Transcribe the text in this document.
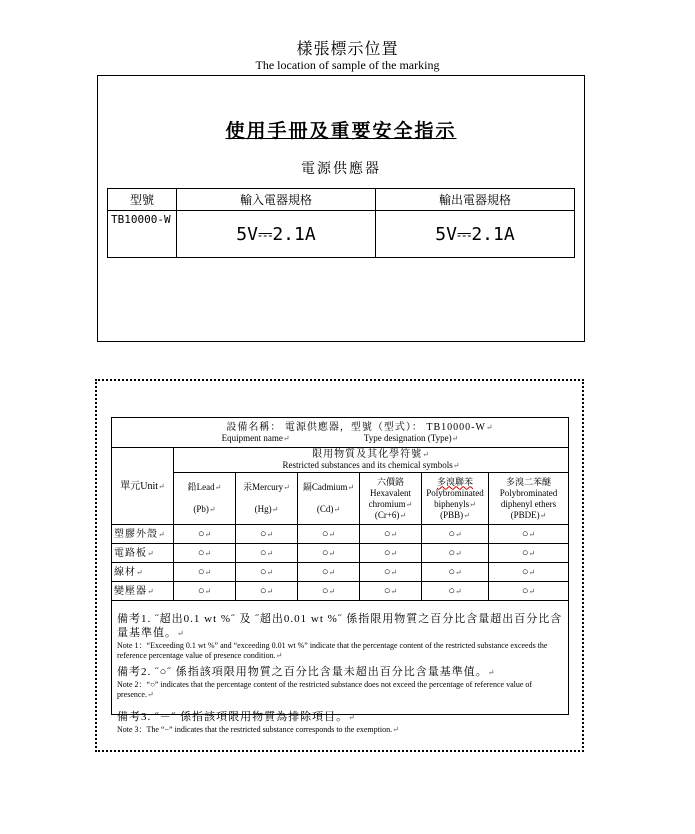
樣張標示位置
The location of sample of the marking
使用手冊及重要安全指示
電源供應器
型號	輸入電器規格	輸出電器規格
TB10000-W	5V⎓2.1A	5V⎓2.1A
設備名稱： 電源供應器，型號（型式）： TB10000-W↵
Equipment name↵ Type designation (Type)↵						

單元Unit↵	限用物質及其化學符號↵
Restricted substances and its chemical symbols↵					

	鉛Lead↵

(Pb)↵	汞Mercury↵

(Hg)↵	鎘Cadmium↵

(Cd)↵	六價鉻
Hexavalent
chromium↵
(Cr+6)↵	多溴聯苯
Polybrominated
biphenyls↵
(PBB)↵	多溴二苯醚
Polybrominated
diphenyl ethers
(PBDE)↵
塑膠外殼↵	○↵	○↵	○↵	○↵	○↵	○↵
電路板↵	○↵	○↵	○↵	○↵	○↵	○↵
線材↵	○↵	○↵	○↵	○↵	○↵	○↵
變壓器↵	○↵	○↵	○↵	○↵	○↵	○↵
備考1. ˝超出0.1 wt %˝ 及 ˝超出0.01 wt %˝ 係指限用物質之百分比含量超出百分比含量基準值。↵
Note 1：“Exceeding 0.1 wt %” and “exceeding 0.01 wt %” indicate that the percentage content of the restricted substance exceeds the reference percentage value of presence condition.↵
備考2. ˝○˝ 係指該項限用物質之百分比含量未超出百分比含量基準值。↵
Note 2：“○” indicates that the percentage content of the restricted substance does not exceed the percentage of reference value of presence.↵
備考3. ˝－˝ 係指該項限用物質為排除項目。↵
Note 3：The “−” indicates that the restricted substance corresponds to the exemption.↵
